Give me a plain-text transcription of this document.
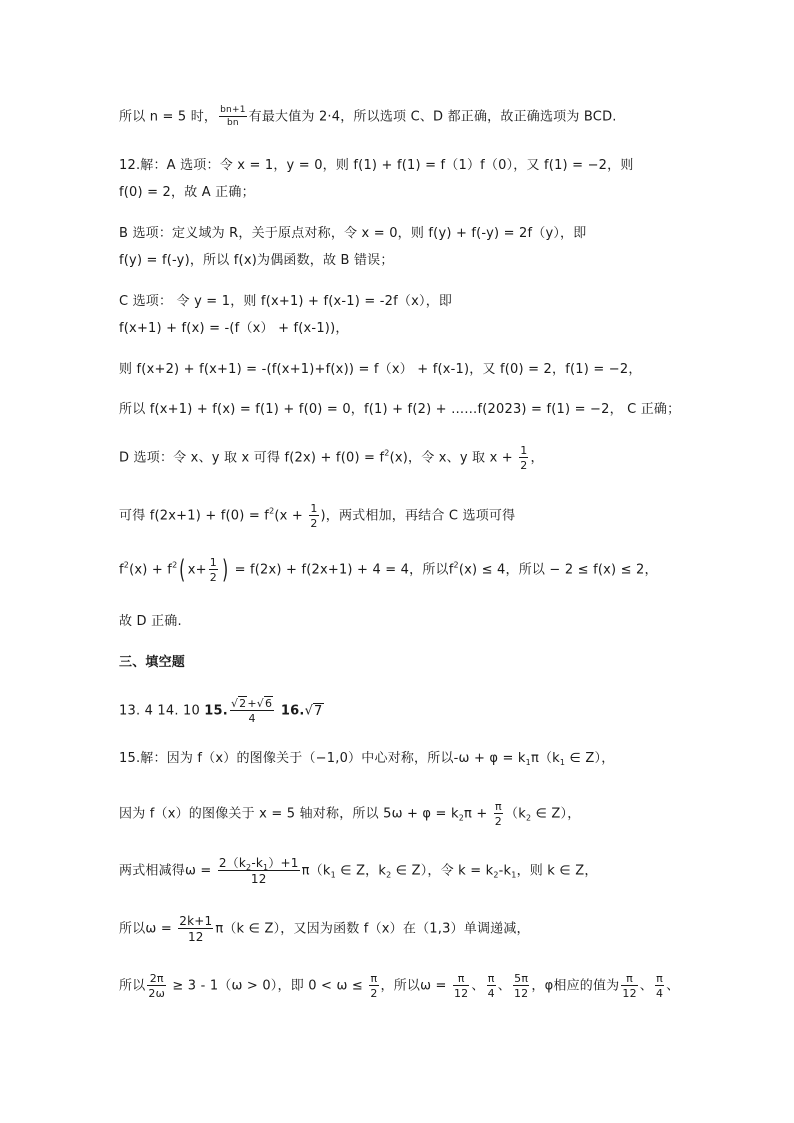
所以 n = 5 时， $\frac{bn+1}{bn}$ 有最大值为 2·4，所以选项 C、D 都正确，故正确选项为 BCD.
12.解：A 选项：令 x = 1，y = 0，则 f(1) + f(1) = f（1）f（0），又 f(1) = −2，则
f(0) = 2，故 A 正确；
B 选项：定义域为 R，关于原点对称，令 x = 0，则 f(y) + f(-y) = 2f（y），即
f(y) = f(-y)，所以 f(x)为偶函数，故 B 错误；
C 选项： 令 y = 1，则 f(x+1) + f(x-1) = -2f（x），即
f(x+1) + f(x) = -(f（x） + f(x-1))，
则 f(x+2) + f(x+1) = -(f(x+1)+f(x)) = f（x） + f(x-1)，又 f(0) = 2，f(1) = −2，
所以 f(x+1) + f(x) = f(1) + f(0) = 0，f(1) + f(2) + ……f(2023) = f(1) = −2， C 正确；
D 选项：令 x、y 取 x 可得 $f(2x) + f(0) = f^2(x)$，令 x、y 取 $x + \frac{1}{2}$ ，
可得 $f(2x+1) + f(0) = f^2(x + \frac{1}{2}$ )，两式相加，再结合 C 选项可得
$f^2(x) + f^2$( $x+ \frac{1}{2}$ ) = f(2x) + f(2x+1) + 4 = 4，所以$f^2(x) \le 4$，所以 − 2 ≤ f(x) ≤ 2，
故 D 正确.
三、填空题
13. 4 14. 10 15. $\frac{√2+√6}{4} 16.√7$
15.解：因为 f（x）的图像关于（−1,0）中心对称，所以$-\omega + \varphi = k_1\pi(k_1$ ∈ Z），
因为 f（x）的图像关于 x = 5 轴对称，所以 $5\omega + \varphi = k_2\pi + \frac{\pi}{2} (k_2$ ∈ Z），
两式相减得$\omega = \frac{2(k_2-k_1)+1}{12} \pi(k_1$ ∈ Z，$k_2$ ∈ Z），令 $k = k_2-k_1$，则 k ∈ Z，
所以$\omega = \frac{2k+1}{12} \pi(k$ ∈ Z），又因为函数 f（x）在（1,3）单调递减，
所以 $\frac{2\pi}{2\omega} \ge 3 - 1(\omega > 0)$，即 $0 < \omega \le \frac{\pi}{2}$ ，所以$\omega = \frac{\pi}{12}$ 、 $\frac{\pi}{4}$ 、 $\frac{5\pi}{12}$ ，φ相应的值为 $\frac{\pi}{12}$ 、 $\frac{\pi}{4}$ 、
